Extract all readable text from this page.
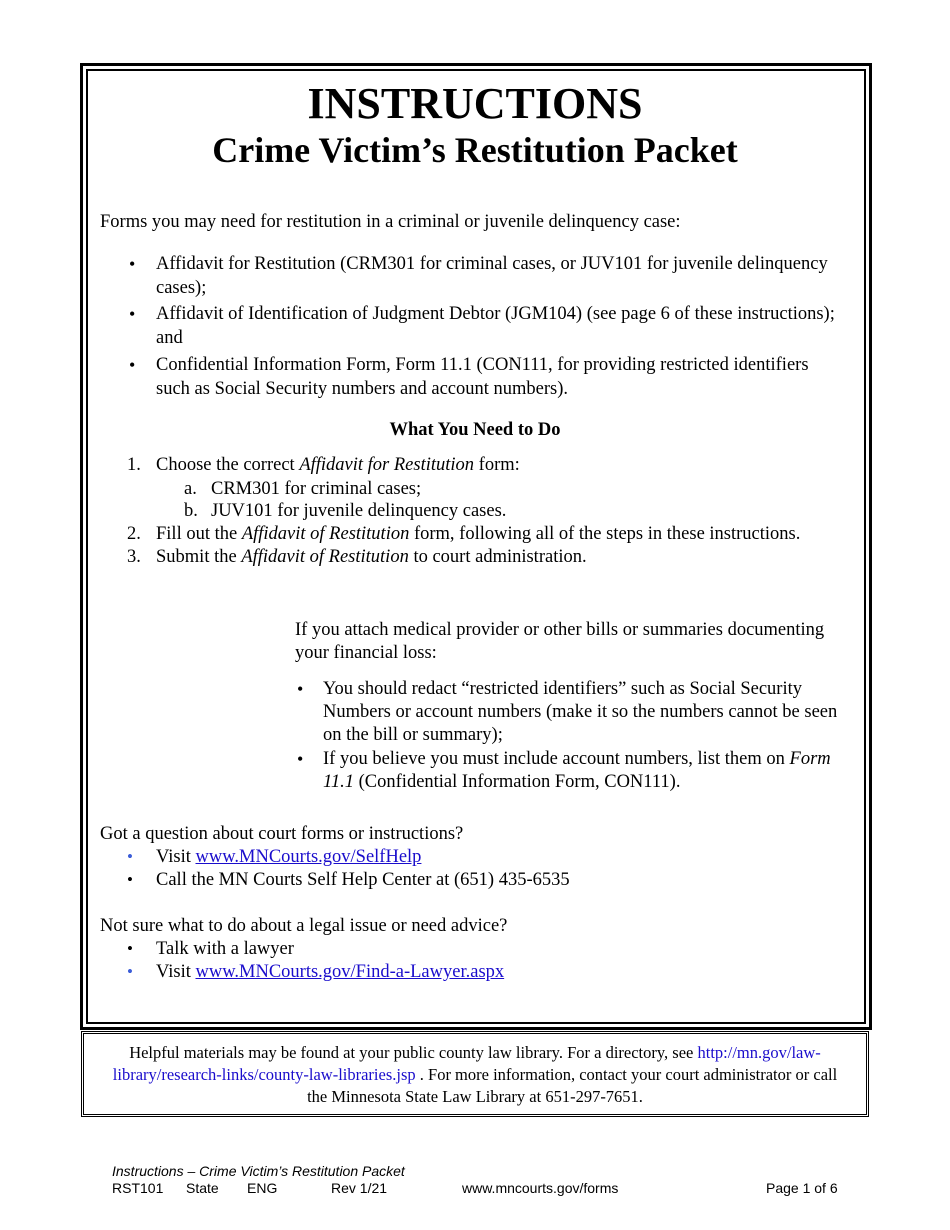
INSTRUCTIONS
Crime Victim’s Restitution Packet
Forms you may need for restitution in a criminal or juvenile delinquency case:
• Affidavit for Restitution (CRM301 for criminal cases, or JUV101 for juvenile delinquency
cases);
• Affidavit of Identification of Judgment Debtor (JGM104) (see page 6 of these instructions);
and
• Confidential Information Form, Form 11.1 (CON111, for providing restricted identifiers
such as Social Security numbers and account numbers).
What You Need to Do
1. Choose the correct Affidavit for Restitution form:
a. CRM301 for criminal cases;
b. JUV101 for juvenile delinquency cases.
2. Fill out the Affidavit of Restitution form, following all of the steps in these instructions.
3. Submit the Affidavit of Restitution to court administration.
If you attach medical provider or other bills or summaries documenting
your financial loss:
• You should redact “restricted identifiers” such as Social Security
Numbers or account numbers (make it so the numbers cannot be seen
on the bill or summary);
• If you believe you must include account numbers, list them on Form
11.1 (Confidential Information Form, CON111).
Got a question about court forms or instructions?
• Visit www.MNCourts.gov/SelfHelp
• Call the MN Courts Self Help Center at (651) 435-6535
Not sure what to do about a legal issue or need advice?
• Talk with a lawyer
• Visit www.MNCourts.gov/Find-a-Lawyer.aspx
Helpful materials may be found at your public county law library. For a directory, see http://mn.gov/law-
library/research-links/county-law-libraries.jsp . For more information, contact your court administrator or call
the Minnesota State Law Library at 651-297-7651.
Instructions – Crime Victim’s Restitution Packet
RST101 State ENG	Rev 1/21	www.mncourts.gov/forms	Page 1 of 6
